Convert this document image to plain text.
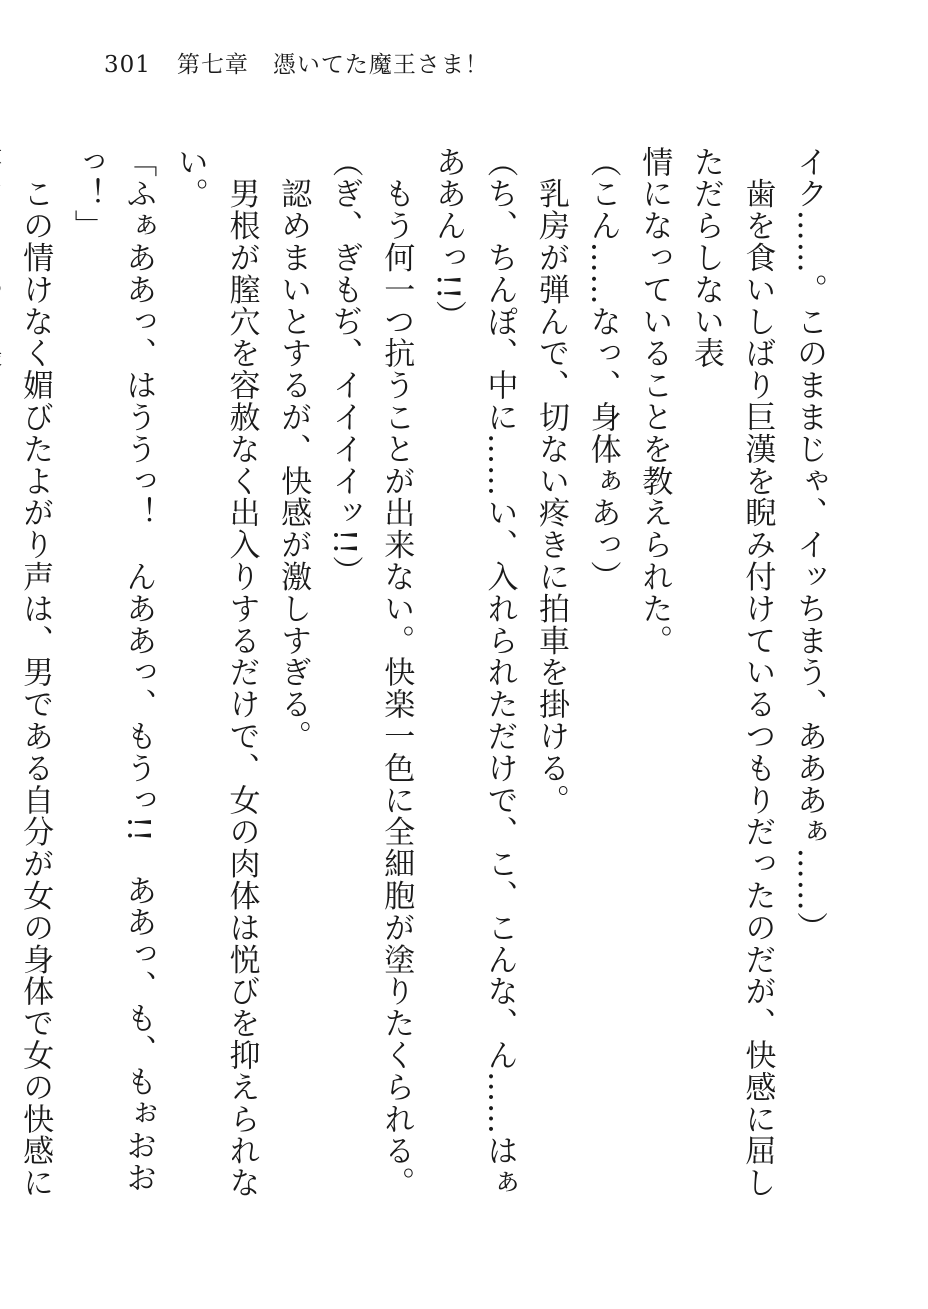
301 第七章　憑いてた魔王さま！

イク……。このままじゃ、イッちまう、あああぁ……）

　歯を食いしばり巨漢を睨み付けているつもりだったのだが、快感に屈しただらしない表

情になっていることを教えられた。

（こん……なっ、身体ぁあっ）

　乳房が弾んで、切ない疼きに拍車を掛ける。

（ち、ちんぽ、中に……い、入れられただけで、こ、こんな、ん……はぁああんっ!!）

　もう何一つ抗うことが出来ない。快楽一色に全細胞が塗りたくられる。

（ぎ、ぎもぢ、イイイイッ!!）

　認めまいとするが、快感が激しすぎる。

　男根が膣穴を容赦なく出入りするだけで、女の肉体は悦びを抑えられない。

「ふぁああっ、はううっ！　んああっ、もうっ!!　ああっ、も、もぉおおっ！」

　この情けなく媚びたよがり声は、男である自分が女の身体で女の快感に
